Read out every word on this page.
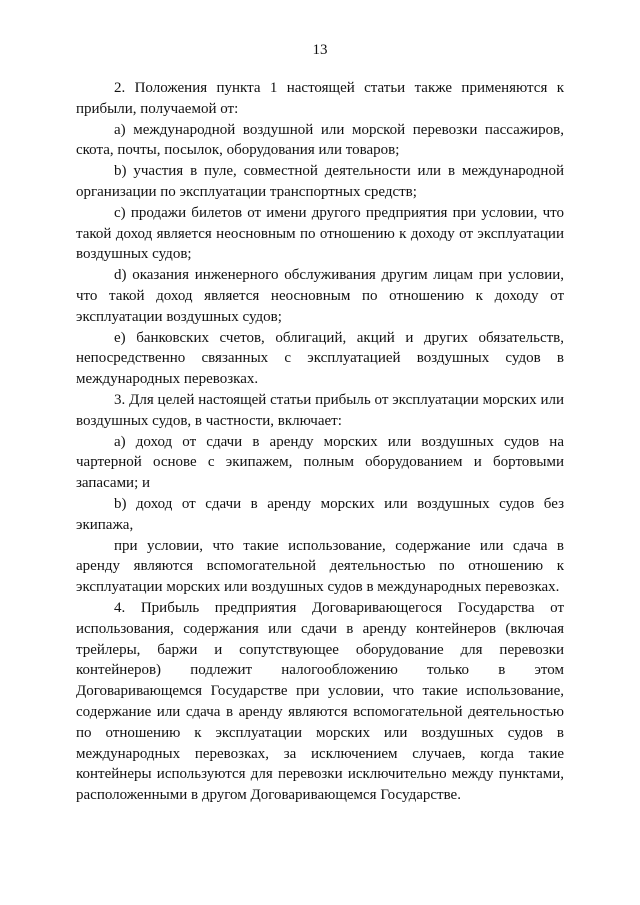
13

2. Положения пункта 1 настоящей статьи также применяются к прибыли, получаемой от:

a) международной воздушной или морской перевозки пассажиров, скота, почты, посылок, оборудования или товаров;

b) участия в пуле, совместной деятельности или в международной организации по эксплуатации транспортных средств;

c) продажи билетов от имени другого предприятия при условии, что такой доход является неосновным по отношению к доходу от эксплуатации воздушных судов;

d) оказания инженерного обслуживания другим лицам при условии, что такой доход является неосновным по отношению к доходу от эксплуатации воздушных судов;

e) банковских счетов, облигаций, акций и других обязательств, непосредственно связанных с эксплуатацией воздушных судов в международных перевозках.

3. Для целей настоящей статьи прибыль от эксплуатации морских или воздушных судов, в частности, включает:

a) доход от сдачи в аренду морских или воздушных судов на чартерной основе с экипажем, полным оборудованием и бортовыми запасами; и

b) доход от сдачи в аренду морских или воздушных судов без экипажа,

при условии, что такие использование, содержание или сдача в аренду являются вспомогательной деятельностью по отношению к эксплуатации морских или воздушных судов в международных перевозках.

4. Прибыль предприятия Договаривающегося Государства от использования, содержания или сдачи в аренду контейнеров (включая трейлеры, баржи и сопутствующее оборудование для перевозки контейнеров) подлежит налогообложению только в этом Договаривающемся Государстве при условии, что такие использование, содержание или сдача в аренду являются вспомогательной деятельностью по отношению к эксплуатации морских или воздушных судов в международных перевозках, за исключением случаев, когда такие контейнеры используются для перевозки исключительно между пунктами, расположенными в другом Договаривающемся Государстве.
